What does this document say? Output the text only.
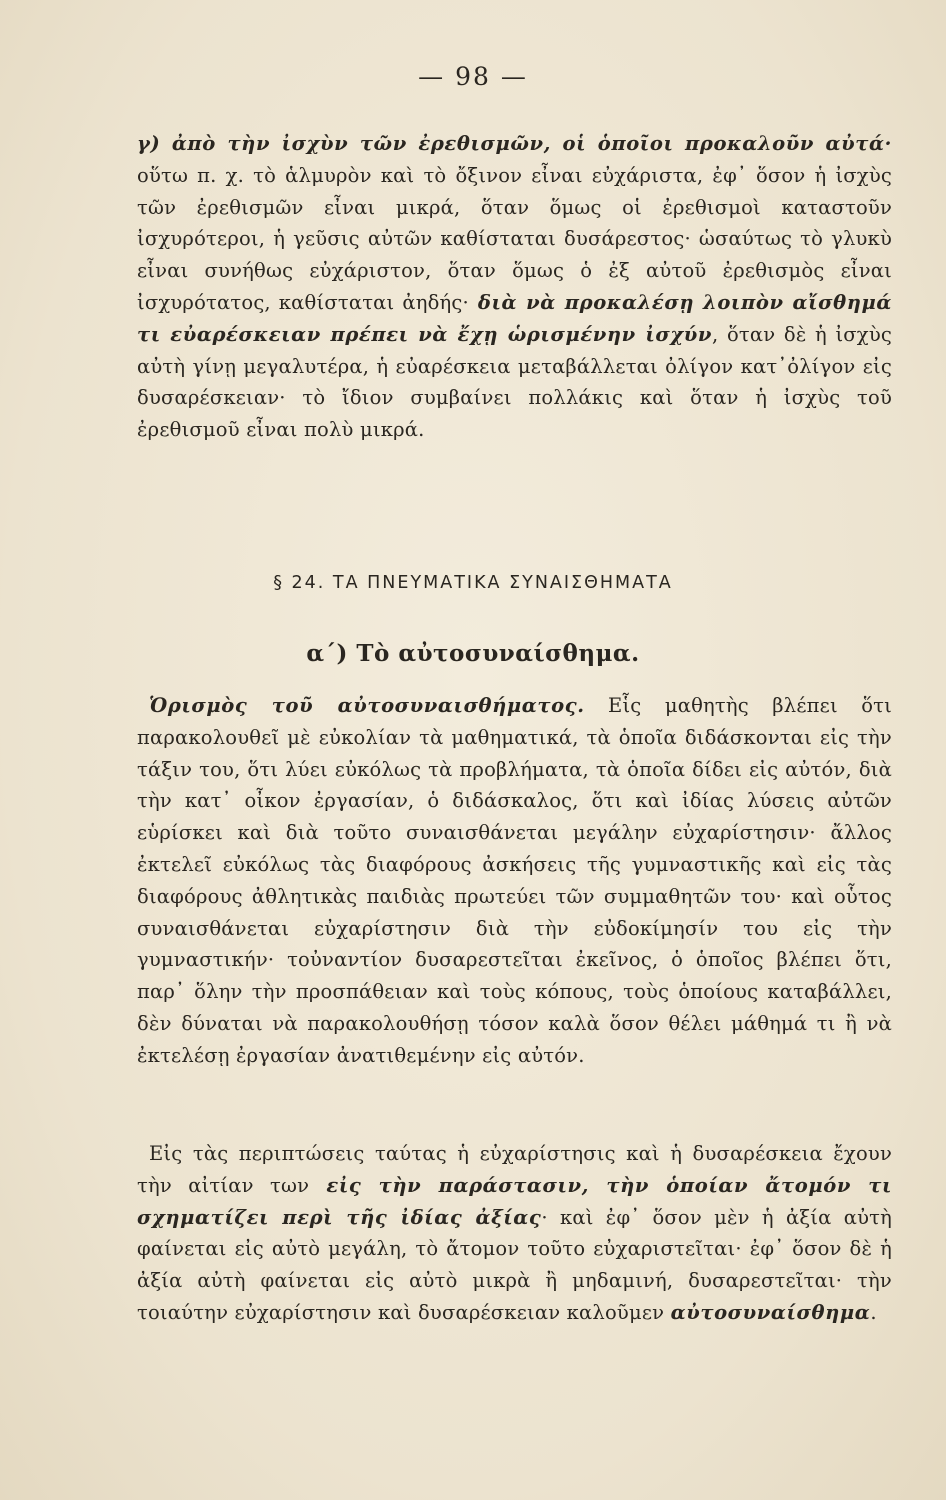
— 98 —

γ) ἀπὸ τὴν ἰσχὺν τῶν ἐρεθισμῶν, οἱ ὁποῖοι προκαλοῦν αὐτά· οὕτω π. χ. τὸ ἁλμυρὸν καὶ τὸ ὄξινον εἶναι εὐχάριστα, ἐφ᾽ ὅσον ἡ ἰσχὺς τῶν ἐρεθισμῶν εἶναι μικρά, ὅταν ὅμως οἱ ἐρεθισμοὶ καταστοῦν ἰσχυρότεροι, ἡ γεῦσις αὐτῶν καθίσταται δυσάρεστος· ὡσαύτως τὸ γλυκὺ εἶναι συνήθως εὐχάριστον, ὅταν ὅμως ὁ ἐξ αὐτοῦ ἐρεθισμὸς εἶναι ἰσχυρότατος, καθίσταται ἀηδής· διὰ νὰ προκαλέσῃ λοιπὸν αἴσθημά τι εὐαρέσκειαν πρέπει νὰ ἔχῃ ὡρισμένην ἰσχύν, ὅταν δὲ ἡ ἰσχὺς αὐτὴ γίνῃ μεγαλυτέρα, ἡ εὐαρέσκεια μεταβάλλεται ὀλίγον κατ᾽ὀλίγον εἰς δυσαρέσκειαν· τὸ ἴδιον συμβαίνει πολλάκις καὶ ὅταν ἡ ἰσχὺς τοῦ ἐρεθισμοῦ εἶναι πολὺ μικρά.

§ 24. ΤΑ ΠΝΕΥΜΑΤΙΚΑ ΣΥΝΑΙΣΘΗΜΑΤΑ
α΄) Τὸ αὐτοσυναίσθημα.

Ὁρισμὸς τοῦ αὐτοσυναισθήματος. Εἷς μαθητὴς βλέπει ὅτι παρακολουθεῖ μὲ εὐκολίαν τὰ μαθηματικά, τὰ ὁποῖα διδάσκονται εἰς τὴν τάξιν του, ὅτι λύει εὐκόλως τὰ προβλήματα, τὰ ὁποῖα δίδει εἰς αὐτόν, διὰ τὴν κατ᾽ οἶκον ἐργασίαν, ὁ διδάσκαλος, ὅτι καὶ ἰδίας λύσεις αὐτῶν εὑρίσκει καὶ διὰ τοῦτο συναισθάνεται μεγάλην εὐχαρίστησιν· ἄλλος ἐκτελεῖ εὐκόλως τὰς διαφόρους ἀσκήσεις τῆς γυμναστικῆς καὶ εἰς τὰς διαφόρους ἀθλητικὰς παιδιὰς πρωτεύει τῶν συμμαθητῶν του· καὶ οὗτος συναισθάνεται εὐχαρίστησιν διὰ τὴν εὐδοκίμησίν του εἰς τὴν γυμναστικήν· τοὐναντίον δυσαρεστεῖται ἐκεῖνος, ὁ ὁποῖος βλέπει ὅτι, παρ᾽ ὅλην τὴν προσπάθειαν καὶ τοὺς κόπους, τοὺς ὁποίους καταβάλλει, δὲν δύναται νὰ παρακολουθήσῃ τόσον καλὰ ὅσον θέλει μάθημά τι ἢ νὰ ἐκτελέσῃ ἐργασίαν ἀνατιθεμένην εἰς αὐτόν.

Εἰς τὰς περιπτώσεις ταύτας ἡ εὐχαρίστησις καὶ ἡ δυσαρέσκεια ἔχουν τὴν αἰτίαν των εἰς τὴν παράστασιν, τὴν ὁποίαν ἄτομόν τι σχηματίζει περὶ τῆς ἰδίας ἀξίας· καὶ ἐφ᾽ ὅσον μὲν ἡ ἀξία αὐτὴ φαίνεται εἰς αὐτὸ μεγάλη, τὸ ἄτομον τοῦτο εὐχαριστεῖται· ἐφ᾽ ὅσον δὲ ἡ ἀξία αὐτὴ φαίνεται εἰς αὐτὸ μικρὰ ἢ μηδαμινή, δυσαρεστεῖται· τὴν τοιαύτην εὐχαρίστησιν καὶ δυσαρέσκειαν καλοῦμεν αὐτοσυναίσθημα.
